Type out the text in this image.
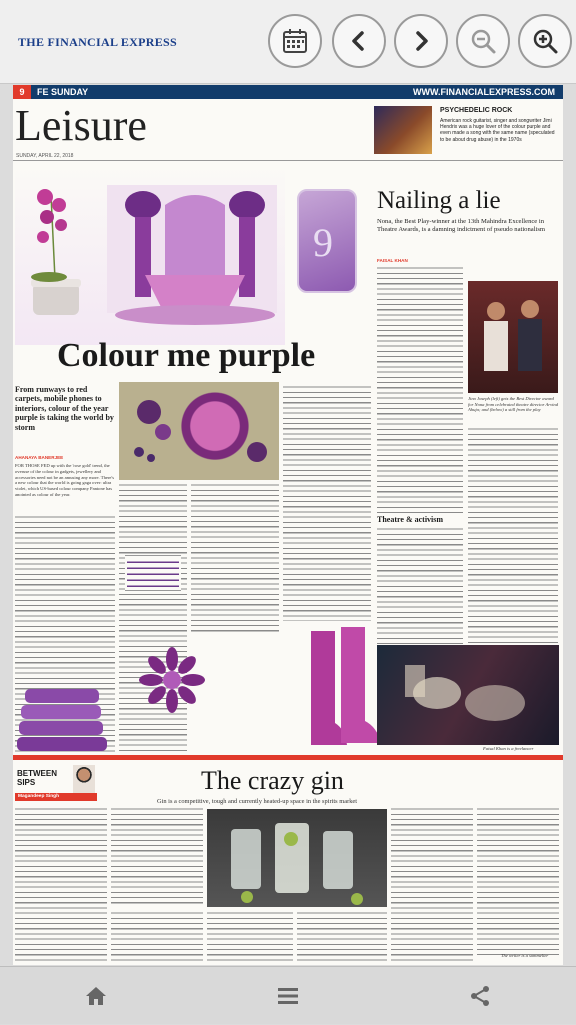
THE FINANCIAL EXPRESS
9	FE SUNDAY	WWW.FINANCIALEXPRESS.COM
Leisure
SUNDAY, APRIL 22, 2018
PSYCHEDELIC ROCK
American rock guitarist, singer and songwriter Jimi Hendrix was a huge lover of the colour purple and even made a song with the same name (speculated to be about drug abuse) in the 1970s
Colour me purple
From runways to red carpets, mobile phones to interiors, colour of the year purple is taking the world by storm
AHANAYA BANERJEE
FOR THOSE FED up with the 'rose gold' trend, the overuse of the colour in gadgets, jewellery and accessories need not be an amusing any more. There's a new colour that the world is going gaga over: ultra violet, which US-based colour company Pantone has anointed as colour of the year.
9
Nailing a lie
Nona, the Best Play-winner at the 13th Mahindra Excellence in Theatre Awards, is a damning indictment of pseudo nationalism
FAISAL KHAN
Theatre & activism
Jino Joseph (left) gets the Best Director award for Nona from celebrated theatre director Arvind Ahuja; and (below) a still from the play
Faisal Khan is a freelancer
BETWEEN SIPS
Magandeep Singh
The crazy gin
Gin is a competitive, tough and currently heated-up space in the spirits market
The writer is a sommelier
